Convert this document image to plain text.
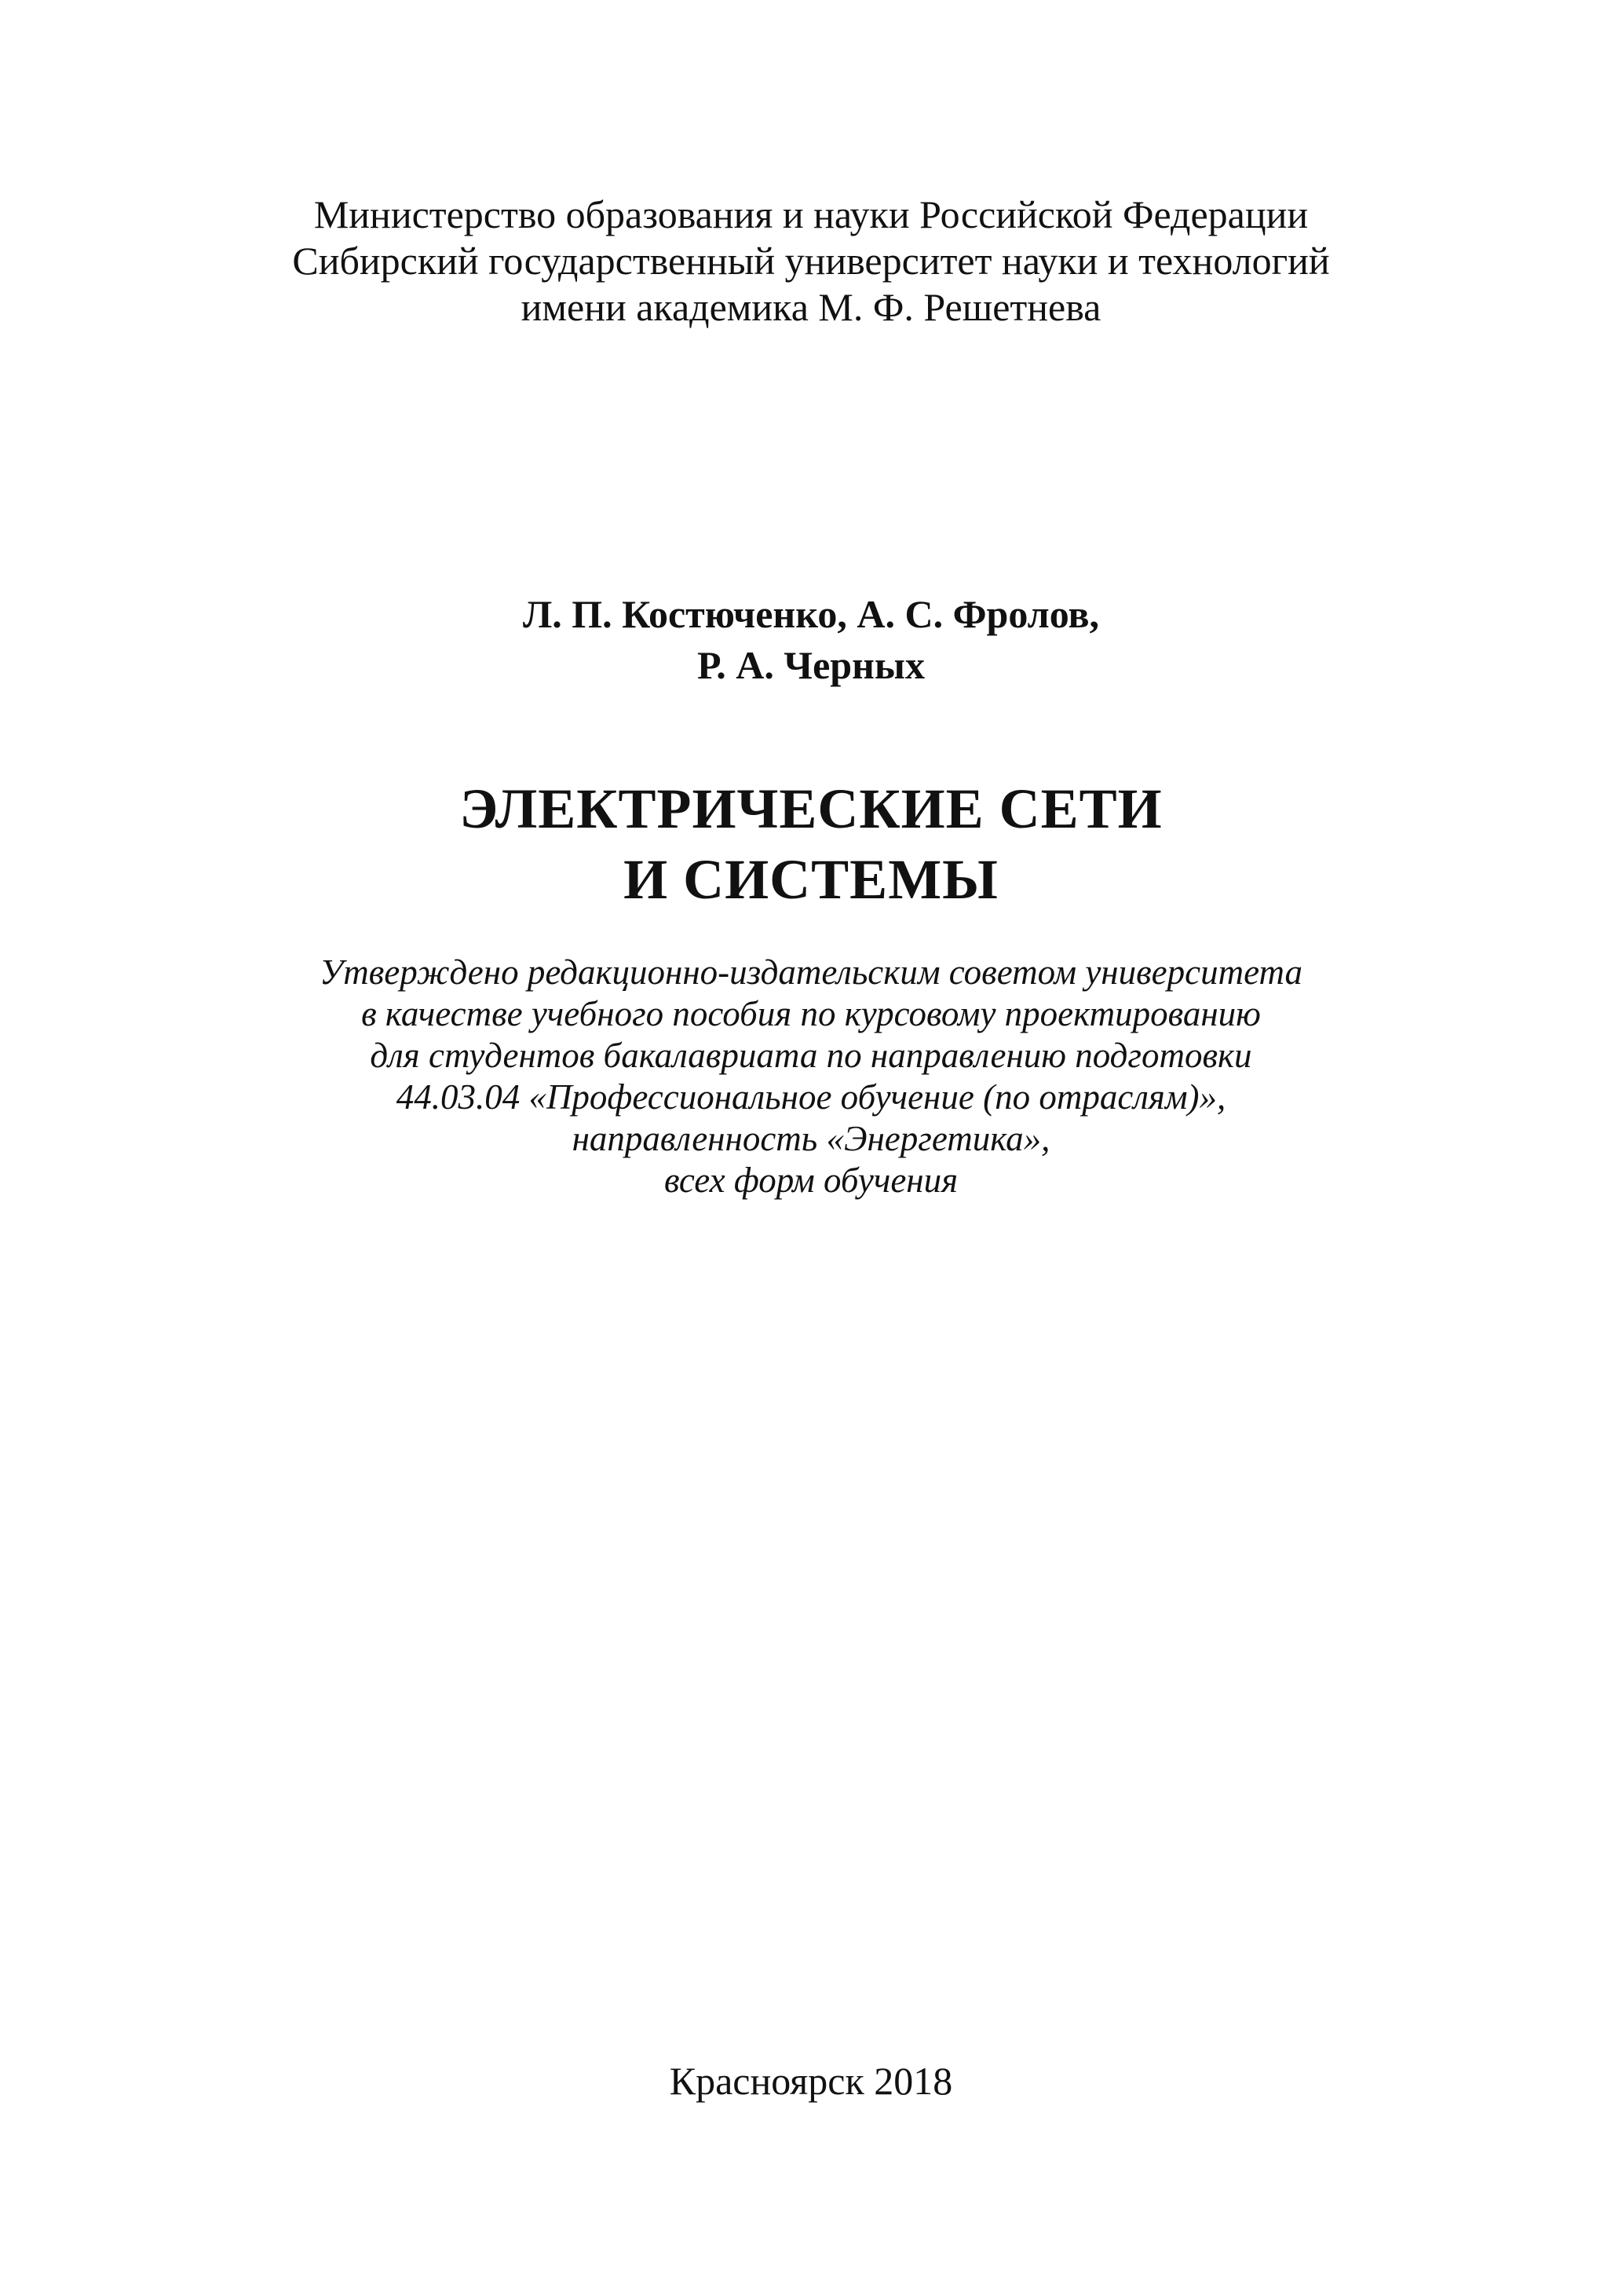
Министерство образования и науки Российской Федерации
Сибирский государственный университет науки и технологий
имени академика М. Ф. Решетнева
Л. П. Костюченко, А. С. Фролов,
Р. А. Черных
ЭЛЕКТРИЧЕСКИЕ СЕТИ
И СИСТЕМЫ
Утверждено редакционно-издательским советом университета
в качестве учебного пособия по курсовому проектированию
для студентов бакалавриата по направлению подготовки
44.03.04 «Профессиональное обучение (по отраслям)»,
направленность «Энергетика»,
всех форм обучения
Красноярск 2018
